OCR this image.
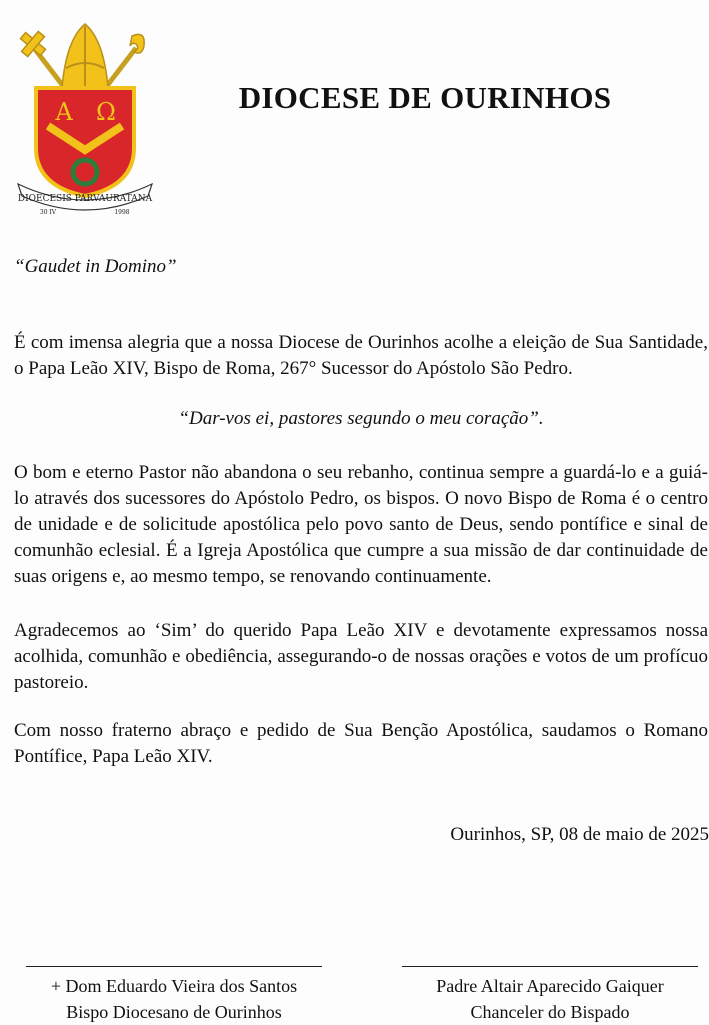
Α Ω
DIOECESIS PARVAURATANA
30 IV	1998
DIOCESE DE OURINHOS

“Gaudet in Domino”

É com imensa alegria que a nossa Diocese de Ourinhos acolhe a eleição de Sua Santidade, o Papa Leão XIV, Bispo de Roma, 267° Sucessor do Apóstolo São Pedro.

“Dar-vos ei, pastores segundo o meu coração”.

O bom e eterno Pastor não abandona o seu rebanho, continua sempre a guardá-lo e a guiá-lo através dos sucessores do Apóstolo Pedro, os bispos. O novo Bispo de Roma é o centro de unidade e de solicitude apostólica pelo povo santo de Deus, sendo pontífice e sinal de comunhão eclesial. É a Igreja Apostólica que cumpre a sua missão de dar continuidade de suas origens e, ao mesmo tempo, se renovando continuamente.

Agradecemos ao ‘Sim’ do querido Papa Leão XIV e devotamente expressamos nossa acolhida, comunhão e obediência, assegurando-o de nossas orações e votos de um profícuo pastoreio.

Com nosso fraterno abraço e pedido de Sua Benção Apostólica, saudamos o Romano Pontífice, Papa Leão XIV.

Ourinhos, SP, 08 de maio de 2025

+ Dom Eduardo Vieira dos Santos
Bispo Diocesano de Ourinhos
Padre Altair Aparecido Gaiquer
Chanceler do Bispado
